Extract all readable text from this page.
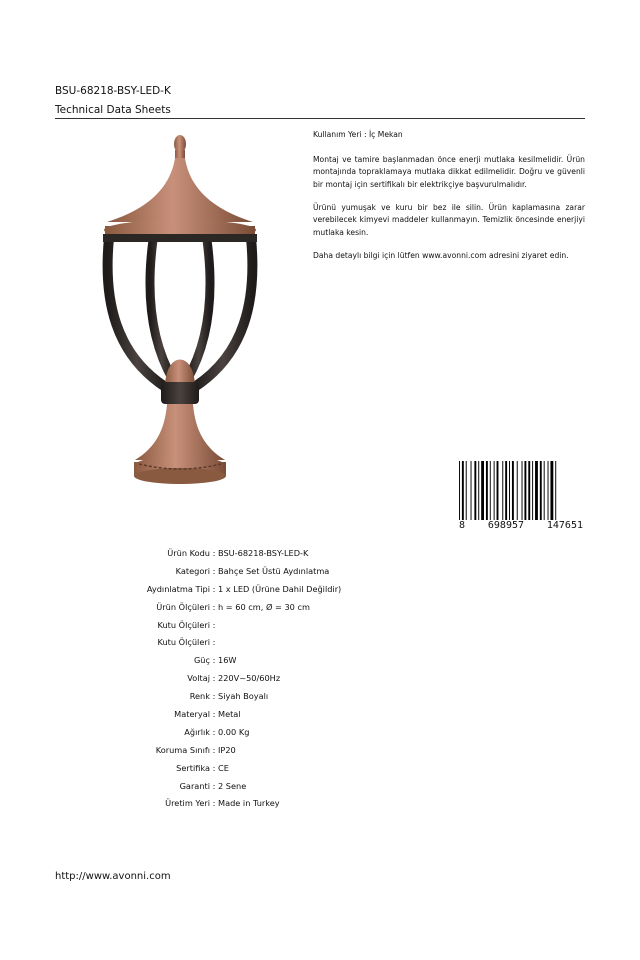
BSU-68218-BSY-LED-K
Technical Data Sheets

Kullanım Yeri : İç Mekan

Montaj ve tamire başlanmadan önce enerji mutlaka kesilmelidir. Ürün montajında topraklamaya mutlaka dikkat edilmelidir. Doğru ve güvenli bir montaj için sertifikalı bir elektrikçiye başvurulmalıdır.

Ürünü yumuşak ve kuru bir bez ile silin. Ürün kaplamasına zarar verebilecek kimyevi maddeler kullanmayın. Temizlik öncesinde enerjiyi mutlaka kesin.

Daha detaylı bilgi için lütfen www.avonni.com adresini ziyaret edin.

8 698957 147651
Ürün Kodu : BSU-68218-BSY-LED-K
Kategori : Bahçe Set Üstü Aydınlatma
Aydınlatma Tipi : 1 x LED (Ürüne Dahil Değildir)
Ürün Ölçüleri : h = 60 cm, Ø = 30 cm
Kutu Ölçüleri :
Kutu Ölçüleri :
Güç : 16W
Voltaj : 220V~50/60Hz
Renk : Siyah Boyalı
Materyal : Metal
Ağırlık : 0.00 Kg
Koruma Sınıfı : IP20
Sertifika : CE
Garanti : 2 Sene
Üretim Yeri : Made in Turkey
http://www.avonni.com
